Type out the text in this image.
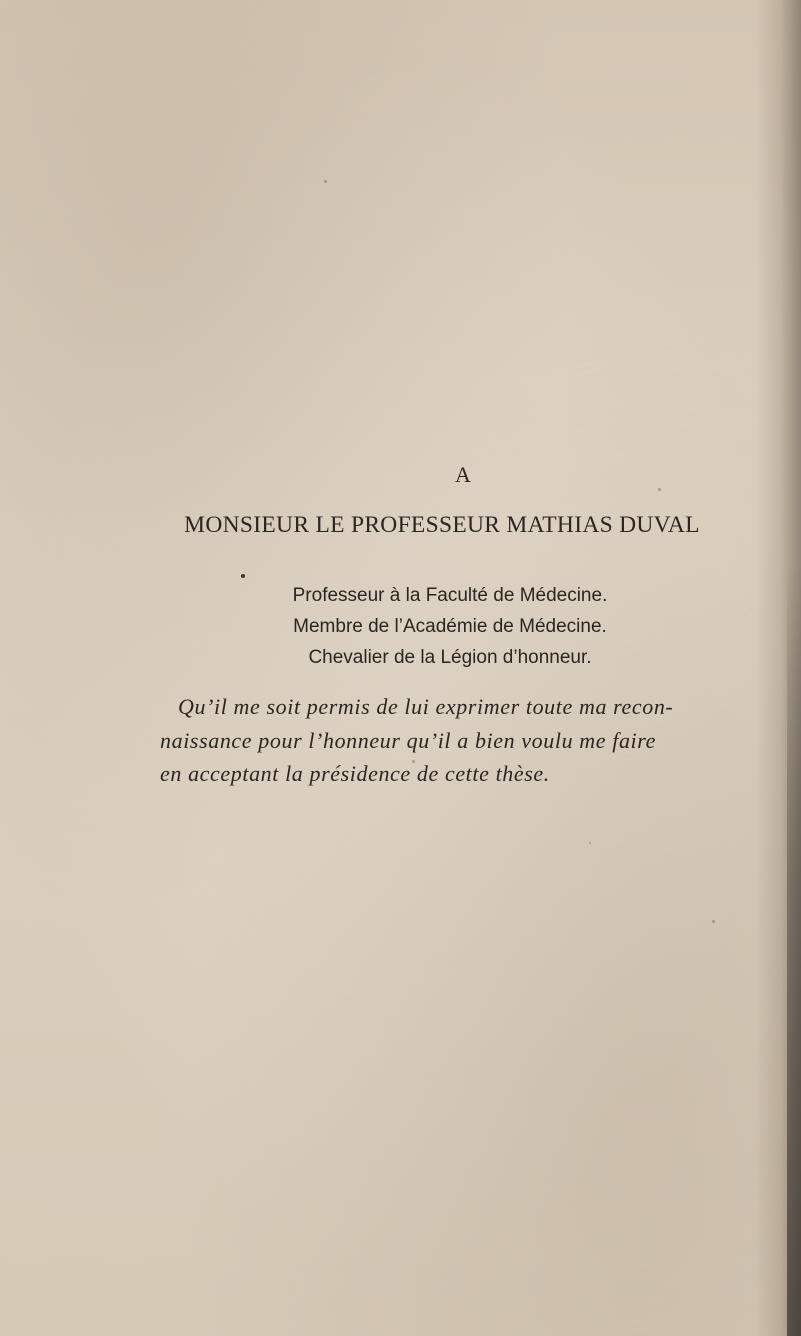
A
MONSIEUR LE PROFESSEUR MATHIAS DUVAL
Professeur à la Faculté de Médecine.
Membre de l’Académie de Médecine.
Chevalier de la Légion d’honneur.
Qu’il me soit permis de lui exprimer toute ma recon-
naissance pour l’honneur qu’il a bien voulu me faire
en acceptant la présidence de cette thèse.
